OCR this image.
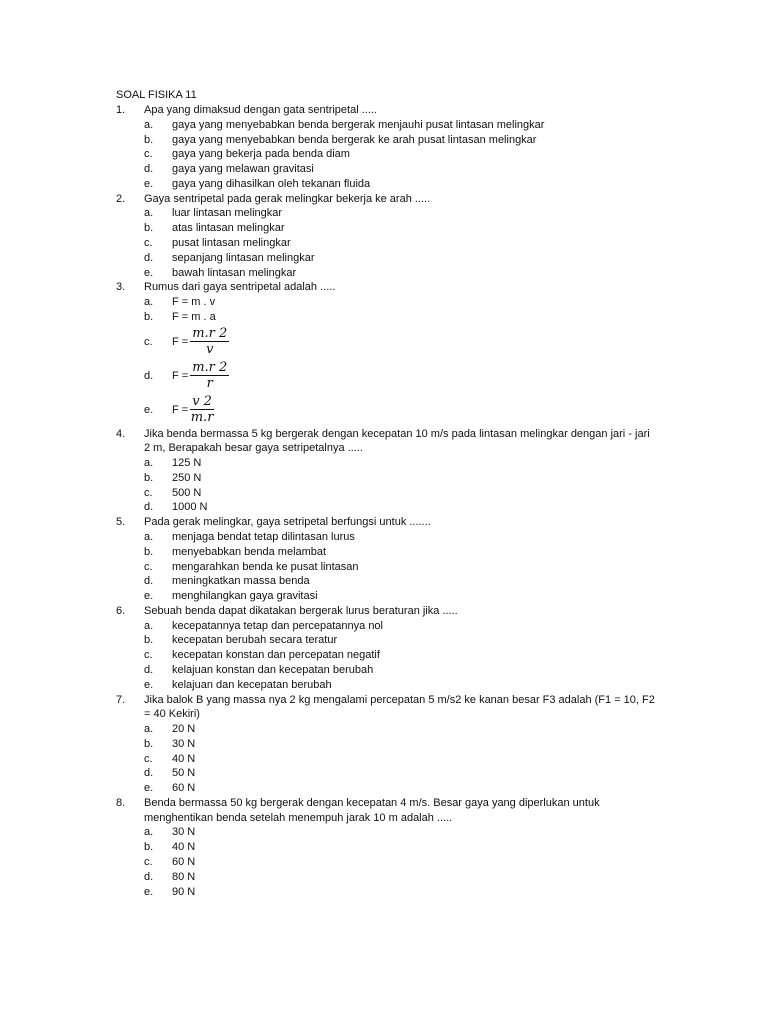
SOAL FISIKA 11
1.	Apa yang dimaksud dengan gata sentripetal .....
a.	gaya yang menyebabkan benda bergerak menjauhi pusat lintasan melingkar
b.	gaya yang menyebabkan benda bergerak ke arah pusat lintasan melingkar
c.	gaya yang bekerja pada benda diam
d.	gaya yang melawan gravitasi
e.	gaya yang dihasilkan oleh tekanan fluida
2.	Gaya sentripetal pada gerak melingkar bekerja ke arah .....
a.	luar lintasan melingkar
b.	atas lintasan melingkar
c.	pusat lintasan melingkar
d.	sepanjang lintasan melingkar
e.	bawah lintasan melingkar
3.	Rumus dari gaya sentripetal adalah .....
a.	F = m . v
b.	F = m . a
c.	$F = \frac{m.r 2}{v}$
d.	$F = \frac{m.r 2}{r}$
e.	$F = \frac{v 2}{m.r}$
4.	Jika benda bermassa 5 kg bergerak dengan kecepatan 10 m/s pada lintasan melingkar dengan jari - jari 2 m, Berapakah besar gaya setripetalnya .....
a.	125 N
b.	250 N
c.	500 N
d.	1000 N
5.	Pada gerak melingkar, gaya setripetal berfungsi untuk .......
a.	menjaga bendat tetap dilintasan lurus
b.	menyebabkan benda melambat
c.	mengarahkan benda ke pusat lintasan
d.	meningkatkan massa benda
e.	menghilangkan gaya gravitasi
6.	Sebuah benda dapat dikatakan bergerak lurus beraturan jika .....
a.	kecepatannya tetap dan percepatannya nol
b.	kecepatan berubah secara teratur
c.	kecepatan konstan dan percepatan negatif
d.	kelajuan konstan dan kecepatan berubah
e.	kelajuan dan kecepatan berubah
7.	Jika balok B yang massa nya 2 kg mengalami percepatan 5 m/s2 ke kanan besar F3 adalah (F1 = 10, F2 = 40 Kekiri)
a.	20 N
b.	30 N
c.	40 N
d.	50 N
e.	60 N
8.	Benda bermassa 50 kg bergerak dengan kecepatan 4 m/s. Besar gaya yang diperlukan untuk menghentikan benda setelah menempuh jarak 10 m adalah .....
a.	30 N
b.	40 N
c.	60 N
d.	80 N
e.	90 N
